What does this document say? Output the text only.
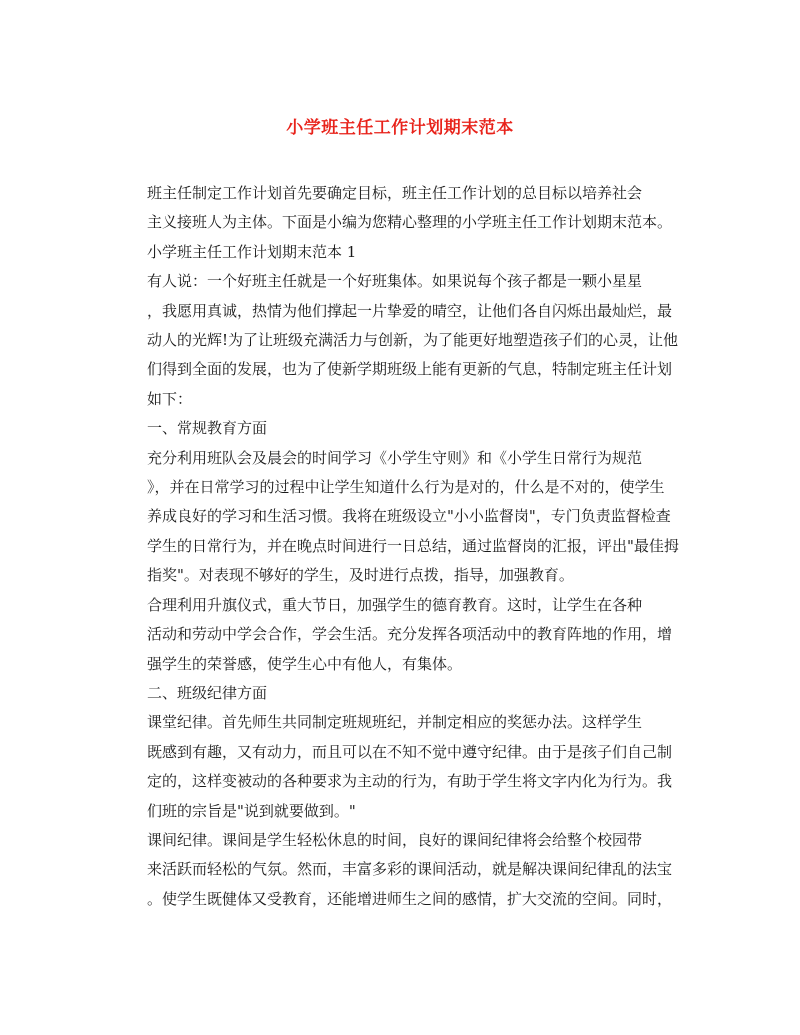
小学班主任工作计划期末范本

班主任制定工作计划首先要确定目标，班主任工作计划的总目标以培养社会
主义接班人为主体。下面是小编为您精心整理的小学班主任工作计划期末范本。

小学班主任工作计划期末范本 1

有人说：一个好班主任就是一个好班集体。如果说每个孩子都是一颗小星星
，我愿用真诚，热情为他们撑起一片挚爱的晴空，让他们各自闪烁出最灿烂，最
动人的光辉!为了让班级充满活力与创新，为了能更好地塑造孩子们的心灵，让他
们得到全面的发展，也为了使新学期班级上能有更新的气息，特制定班主任计划
如下：

一、常规教育方面

充分利用班队会及晨会的时间学习《小学生守则》和《小学生日常行为规范
》，并在日常学习的过程中让学生知道什么行为是对的，什么是不对的，使学生
养成良好的学习和生活习惯。我将在班级设立"小小监督岗"，专门负责监督检查
学生的日常行为，并在晚点时间进行一日总结，通过监督岗的汇报，评出"最佳拇
指奖"。对表现不够好的学生，及时进行点拨，指导，加强教育。

合理利用升旗仪式，重大节日，加强学生的德育教育。这时，让学生在各种
活动和劳动中学会合作，学会生活。充分发挥各项活动中的教育阵地的作用，增
强学生的荣誉感，使学生心中有他人，有集体。

二、班级纪律方面

课堂纪律。首先师生共同制定班规班纪，并制定相应的奖惩办法。这样学生
既感到有趣，又有动力，而且可以在不知不觉中遵守纪律。由于是孩子们自己制
定的，这样变被动的各种要求为主动的行为，有助于学生将文字内化为行为。我
们班的宗旨是"说到就要做到。"

课间纪律。课间是学生轻松休息的时间，良好的课间纪律将会给整个校园带
来活跃而轻松的气氛。然而，丰富多彩的课间活动，就是解决课间纪律乱的法宝
。使学生既健体又受教育，还能增进师生之间的感情，扩大交流的空间。同时，
